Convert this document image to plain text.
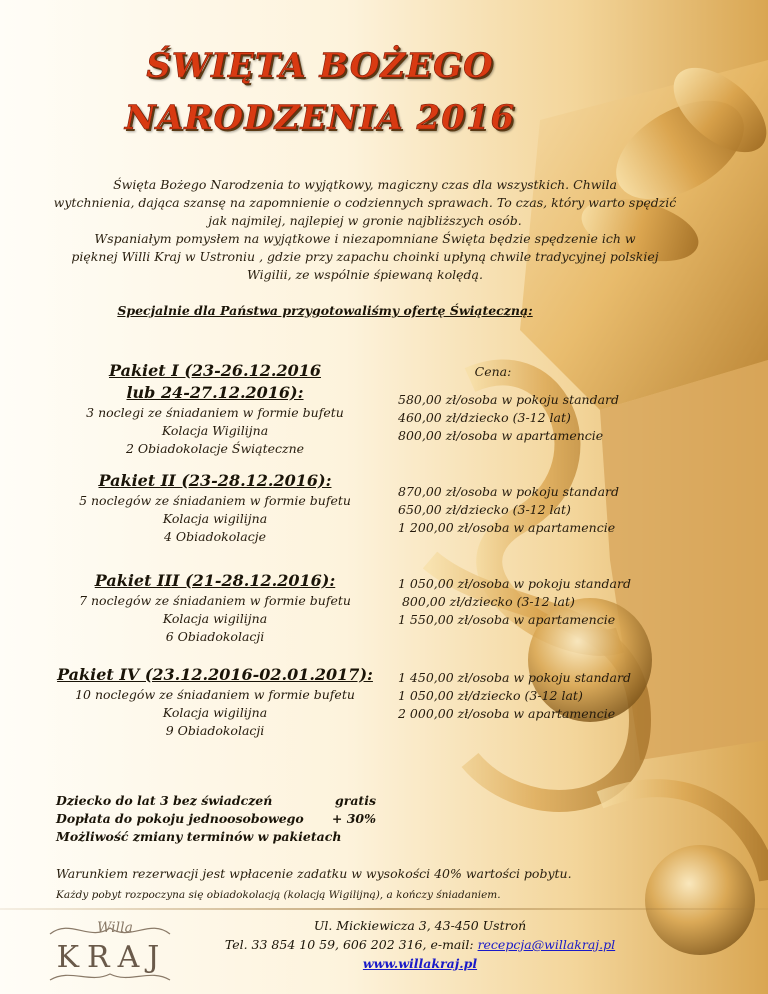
ŚWIĘTA BOŻEGO
NARODZENIA 2016

Święta Bożego Narodzenia to wyjątkowy, magiczny czas dla wszystkich. Chwila

wytchnienia, dająca szansę na zapomnienie o codziennych sprawach. To czas, który warto spędzić

jak najmilej, najlepiej w gronie najbliższych osób.

Wspaniałym pomysłem na wyjątkowe i niezapomniane Święta będzie spędzenie ich w

pięknej Willi Kraj w Ustroniu , gdzie przy zapachu choinki upłyną chwile tradycyjnej polskiej

Wigilii, ze wspólnie śpiewaną kolędą.

Specjalnie dla Państwa przygotowaliśmy ofertę Świąteczną:
Cena:
Pakiet I (23-26.12.2016
lub 24-27.12.2016):
3 noclegi ze śniadaniem w formie bufetu
Kolacja Wigilijna
2 Obiadokolacje Świąteczne
580,00 zł/osoba w pokoju standard
460,00 zł/dziecko (3-12 lat)
800,00 zł/osoba w apartamencie
Pakiet II (23-28.12.2016):
5 noclegów ze śniadaniem w formie bufetu
Kolacja wigilijna
4 Obiadokolacje
870,00 zł/osoba w pokoju standard
650,00 zł/dziecko (3-12 lat)
1 200,00 zł/osoba w apartamencie
Pakiet III (21-28.12.2016):
7 noclegów ze śniadaniem w formie bufetu
Kolacja wigilijna
6 Obiadokolacji
1 050,00 zł/osoba w pokoju standard
800,00 zł/dziecko (3-12 lat)
1 550,00 zł/osoba w apartamencie
Pakiet IV (23.12.2016-02.01.2017):
10 noclegów ze śniadaniem w formie bufetu
Kolacja wigilijna
9 Obiadokolacji
1 450,00 zł/osoba w pokoju standard
1 050,00 zł/dziecko (3-12 lat)
2 000,00 zł/osoba w apartamencie
Dziecko do lat 3 bez świadczeń	gratis
Dopłata do pokoju jednoosobowego + 30%
Możliwość zmiany terminów w pakietach
Warunkiem rezerwacji jest wpłacenie zadatku w wysokości 40% wartości pobytu.
Każdy pobyt rozpoczyna się obiadokolacją (kolacją Wigilijną), a kończy śniadaniem.
Willa
KRAJ
Ul. Mickiewicza 3, 43-450 Ustroń
Tel. 33 854 10 59, 606 202 316, e-mail: recepcja@willakraj.pl
www.willakraj.pl
